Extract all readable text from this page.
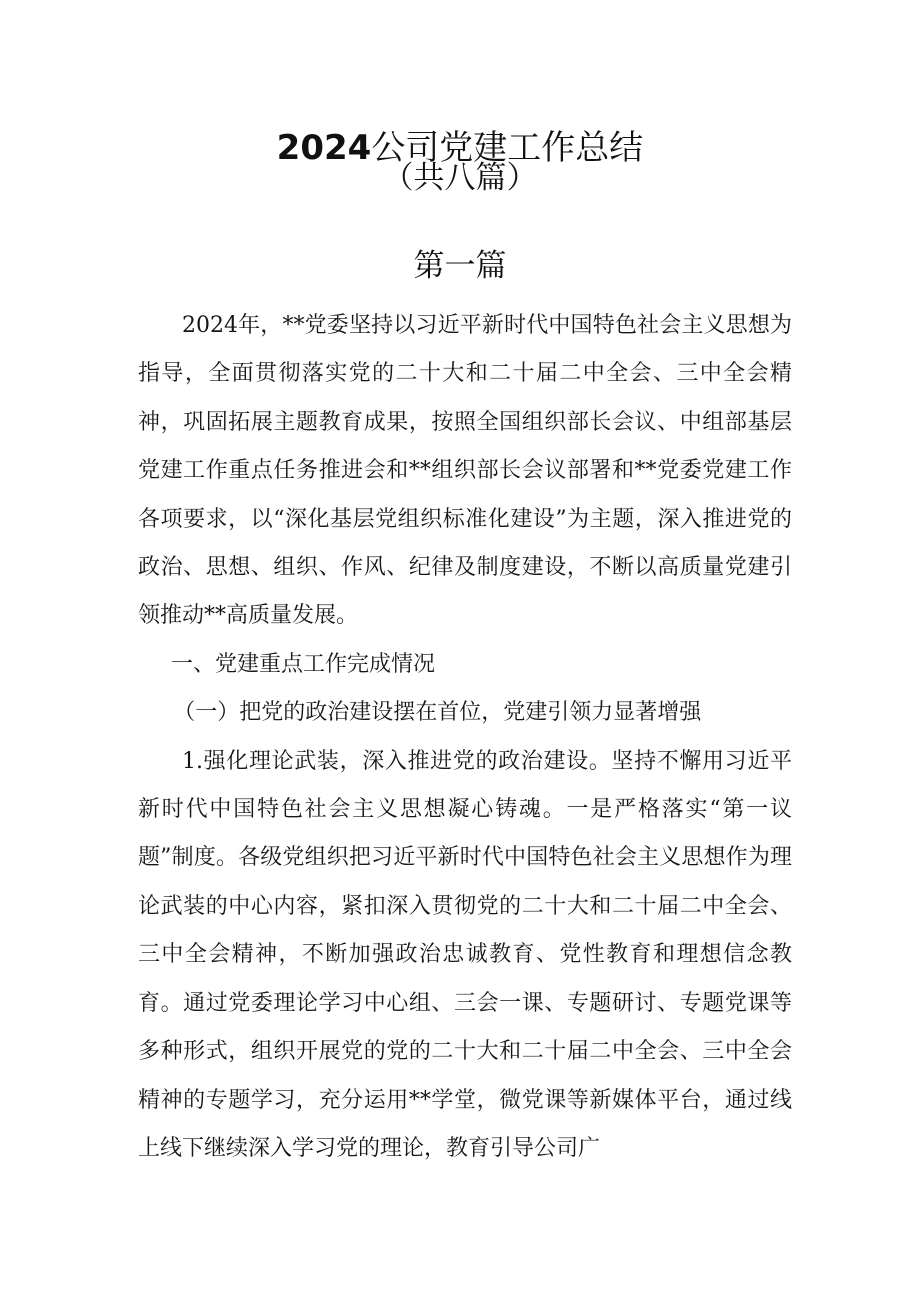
2024公司党建工作总结
（共八篇）
第一篇

2024年，**党委坚持以习近平新时代中国特色社会主义思想为指导，全面贯彻落实党的二十大和二十届二中全会、三中全会精神，巩固拓展主题教育成果，按照全国组织部长会议、中组部基层党建工作重点任务推进会和**组织部长会议部署和**党委党建工作各项要求，以“深化基层党组织标准化建设”为主题，深入推进党的政治、思想、组织、作风、纪律及制度建设，不断以高质量党建引领推动**高质量发展。

一、党建重点工作完成情况

（一）把党的政治建设摆在首位，党建引领力显著增强

1.强化理论武装，深入推进党的政治建设。坚持不懈用习近平新时代中国特色社会主义思想凝心铸魂。一是严格落实“第一议题”制度。各级党组织把习近平新时代中国特色社会主义思想作为理论武装的中心内容，紧扣深入贯彻党的二十大和二十届二中全会、三中全会精神，不断加强政治忠诚教育、党性教育和理想信念教育。通过党委理论学习中心组、三会一课、专题研讨、专题党课等多种形式，组织开展党的党的二十大和二十届二中全会、三中全会精神的专题学习，充分运用**学堂，微党课等新媒体平台，通过线上线下继续深入学习党的理论，教育引导公司广
